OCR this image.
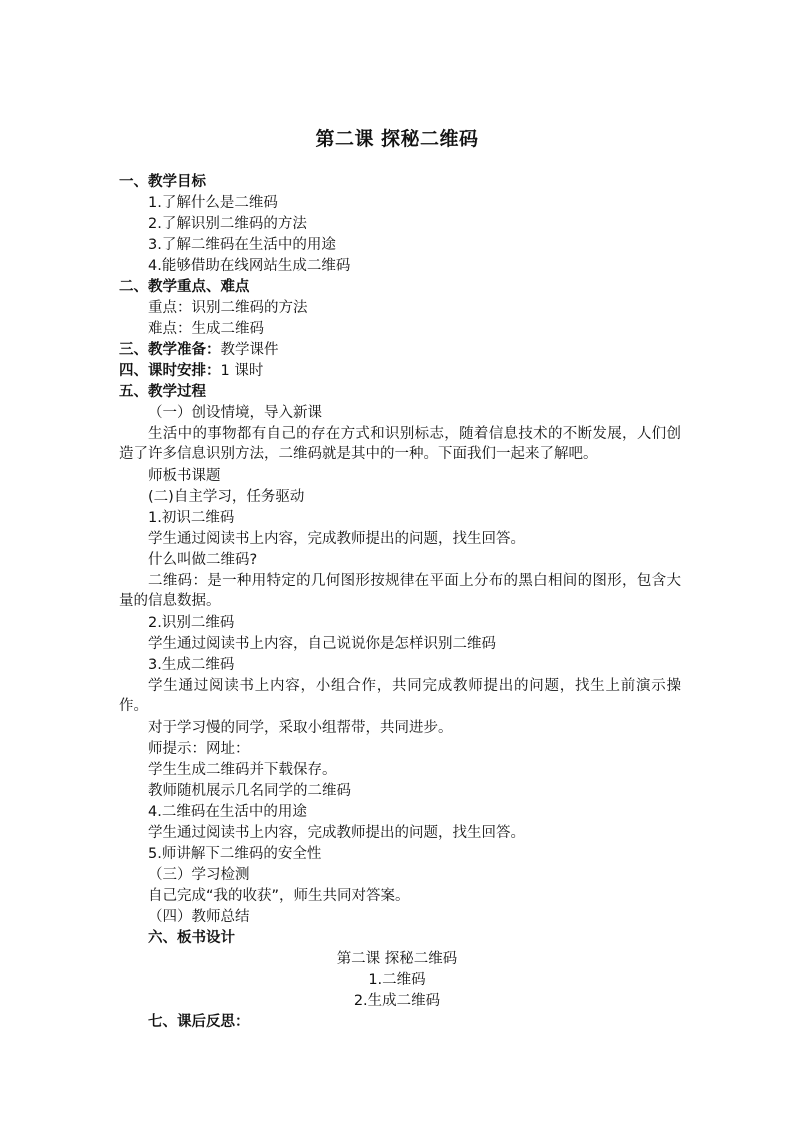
第二课 探秘二维码
一、教学目标
1.了解什么是二维码
2.了解识别二维码的方法
3.了解二维码在生活中的用途
4.能够借助在线网站生成二维码
二、教学重点、难点
重点：识别二维码的方法
难点：生成二维码
三、教学准备：教学课件
四、课时安排：1 课时
五、教学过程
（一）创设情境，导入新课
生活中的事物都有自己的存在方式和识别标志，随着信息技术的不断发展，人们创造了许多信息识别方法，二维码就是其中的一种。下面我们一起来了解吧。
师板书课题
(二)自主学习，任务驱动
1.初识二维码
学生通过阅读书上内容，完成教师提出的问题，找生回答。
什么叫做二维码?
二维码：是一种用特定的几何图形按规律在平面上分布的黑白相间的图形，包含大量的信息数据。
2.识别二维码
学生通过阅读书上内容，自己说说你是怎样识别二维码
3.生成二维码
学生通过阅读书上内容，小组合作，共同完成教师提出的问题，找生上前演示操作。
对于学习慢的同学，采取小组帮带，共同进步。
师提示：网址：
学生生成二维码并下载保存。
教师随机展示几名同学的二维码
4.二维码在生活中的用途
学生通过阅读书上内容，完成教师提出的问题，找生回答。
5.师讲解下二维码的安全性
（三）学习检测
自己完成“我的收获”，师生共同对答案。
（四）教师总结
六、板书设计
第二课 探秘二维码
1.二维码
2.生成二维码
七、课后反思：
